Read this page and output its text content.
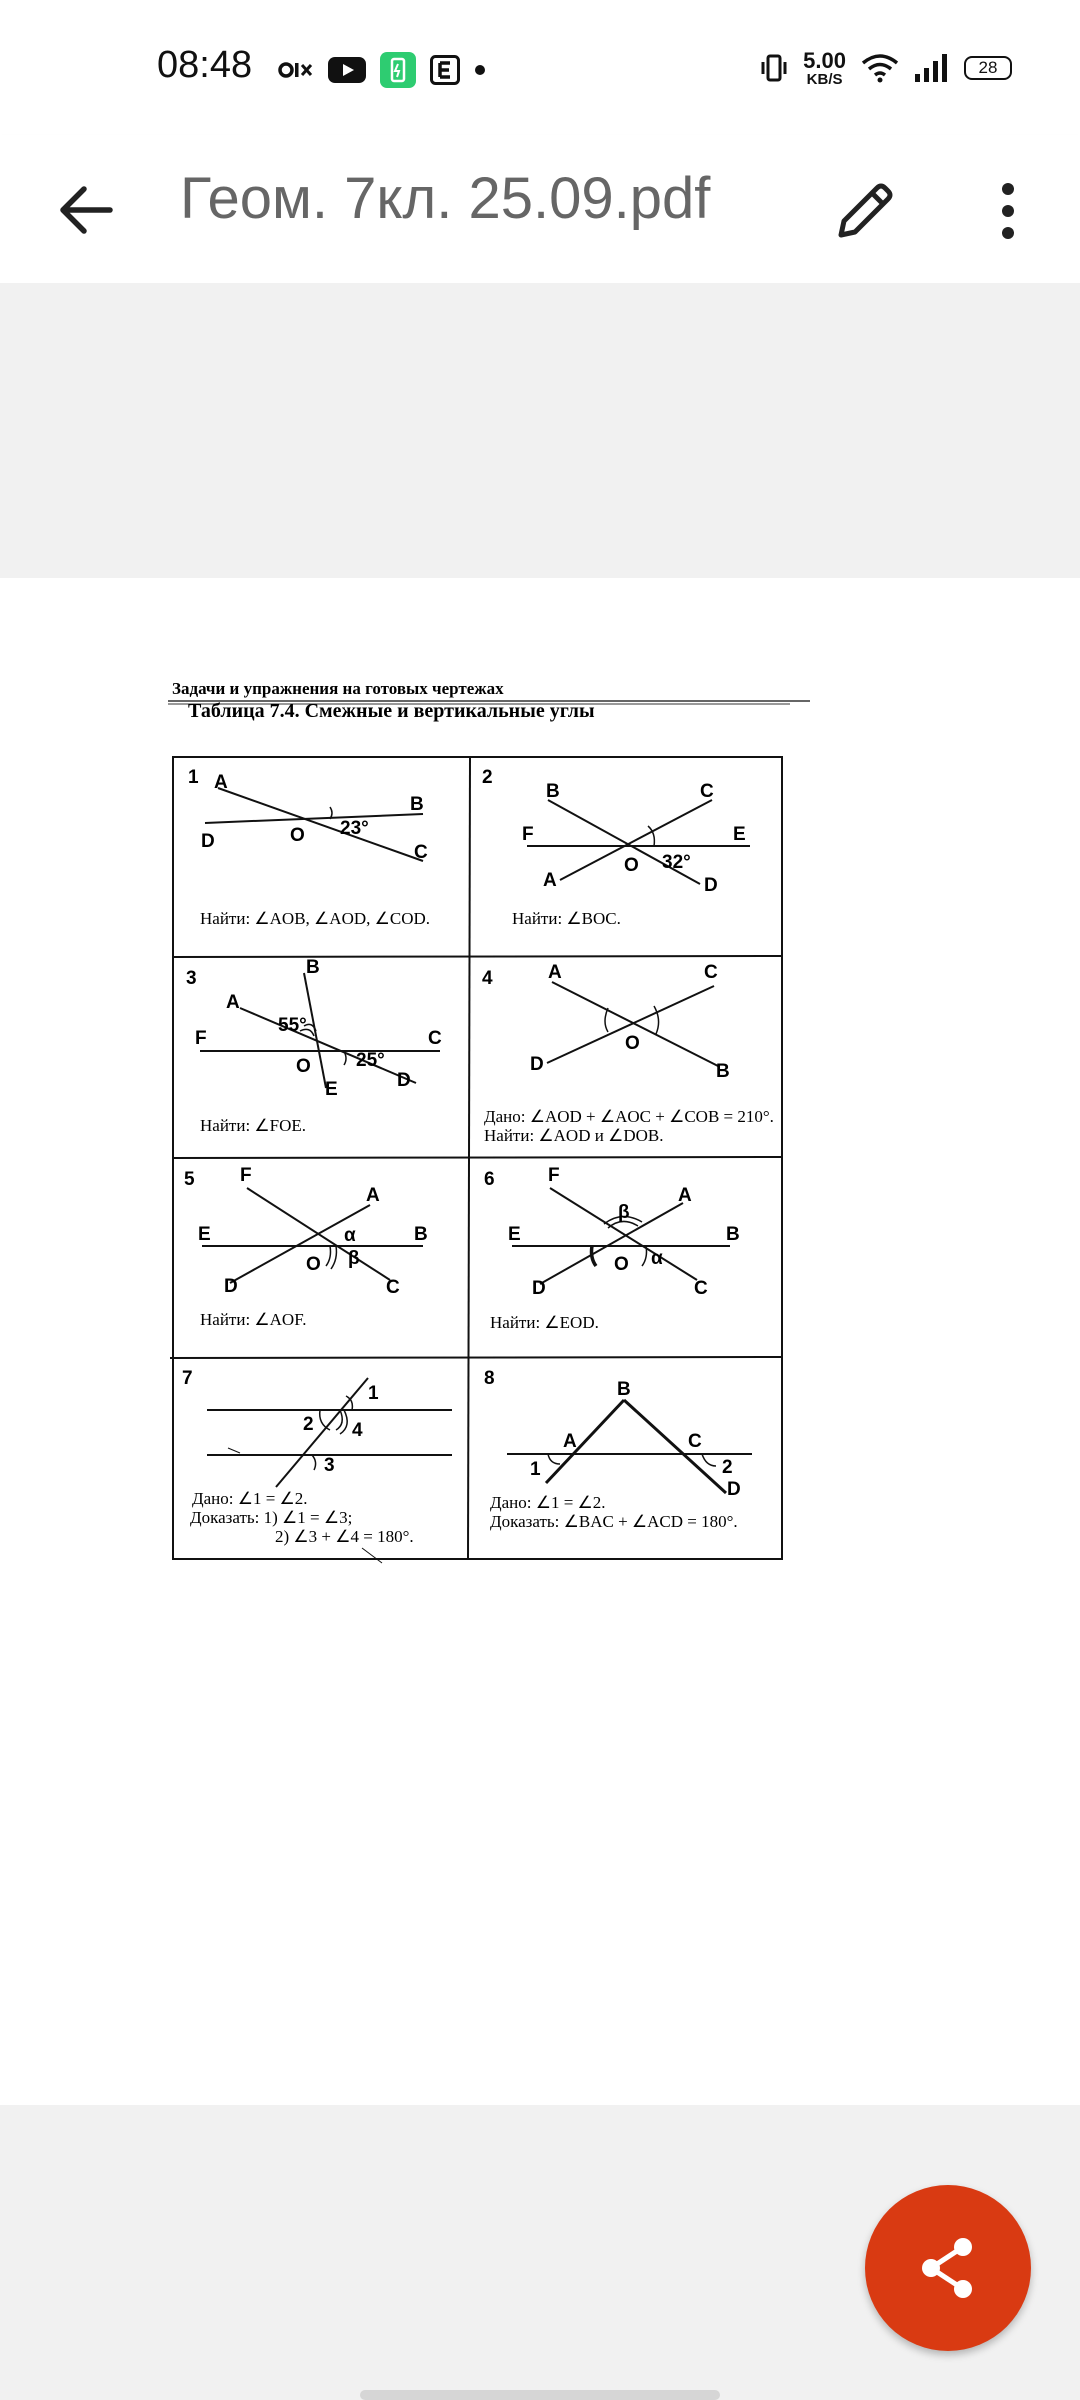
08:48	5.00
KB/S
28
Геом. 7кл. 25.09.pdf
Задачи и упражнения на готовых чертежах
Таблица 7.4. Смежные и вертикальные углы
1 A
B
C
D	O 23°
Найти: ∠AOB, ∠AOD, ∠COD.
2
B	C
F	E
A	D
O 32°
Найти: ∠BOC.
3
B
A
F	C
O
E	D
55°
25°
Найти: ∠FOE.
4	A	C
D	B
O
Дано: ∠AOD + ∠AOC + ∠COB = 210°.
Найти: ∠AOD и ∠DOB.
5 F
A
E	B
D	C
O
α
β
Найти: ∠AOF.
6	F
A
E	B
D	C
O α
β
Найти: ∠EOD.
7
1
2
3
4
Дано: ∠1 = ∠2.
Доказать: 1) ∠1 = ∠3;
2) ∠3 + ∠4 = 180°.
8
B
A	C
D
1	2
Дано: ∠1 = ∠2.
Доказать: ∠BAC + ∠ACD = 180°.
